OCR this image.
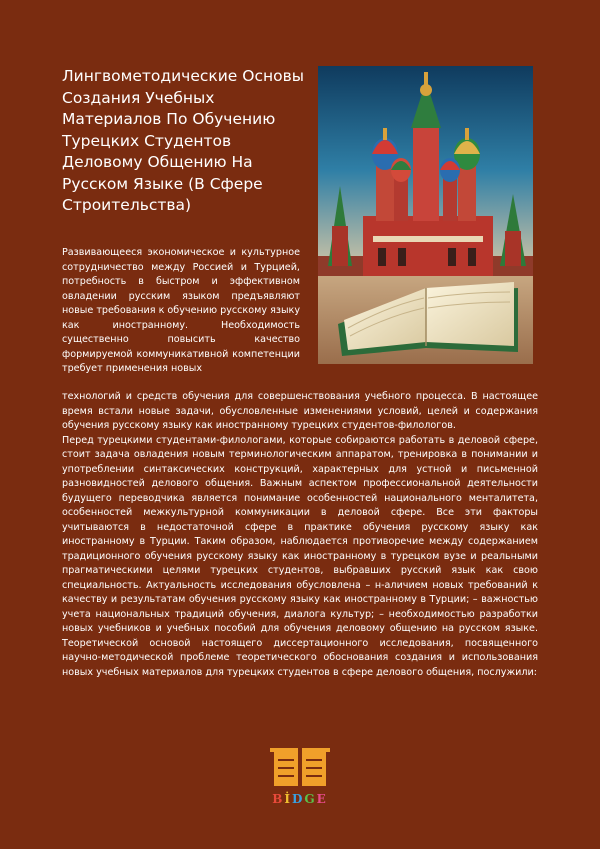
Лингвометодические Основы Создания Учебных Материалов По Обучению Турецких Студентов Деловому Общению На Русском Языке (В Сфере Строительства)

Развивающееся экономическое и культурное сотрудничество между Россией и Турцией, потребность в быстром и эффективном овладении русским языком предъявляют новые требования к обучению русскому языку как иностранному. Необходимость существенно повысить качество формируемой коммуникативной компетенции требует применения новых

технологий и средств обучения для совершенствования учебного процесса. В настоящее время встали новые задачи, обусловленные изменениями условий, целей и содержания обучения русскому языку как иностранному турецких студентов-филологов.

Перед турецкими студентами-филологами, которые собираются работать в деловой сфере, стоит задача овладения новым терминологическим аппаратом, тренировка в понимании и употреблении синтаксических конструкций, характерных для устной и письменной разновидностей делового общения. Важным аспектом профессиональной деятельности будущего переводчика является понимание особенностей национального менталитета, особенностей межкультурной коммуникации в деловой сфере. Все эти факторы учитываются в недостаточной сфере в практике обучения русскому языку как иностранному в Турции. Таким образом, наблюдается противоречие между содержанием традиционного обучения русскому языку как иностранному в турецком вузе и реальными прагматическими целями турецких студентов, выбравших русский язык как свою специальность. Актуальность исследования обусловлена – н-аличием новых требований к качеству и результатам обучения русскому языку как иностранному в Турции; – важностью учета национальных традиций обучения, диалога культур; – необходимостью разработки новых учебников и учебных пособий для обучения деловому общению на русском языке. Теоретической основой настоящего диссертационного исследования, посвященного научно-методической проблеме теоретического обоснования создания и использования новых учебных материалов для турецких студентов в сфере делового общения, послужили:

BİDGE
